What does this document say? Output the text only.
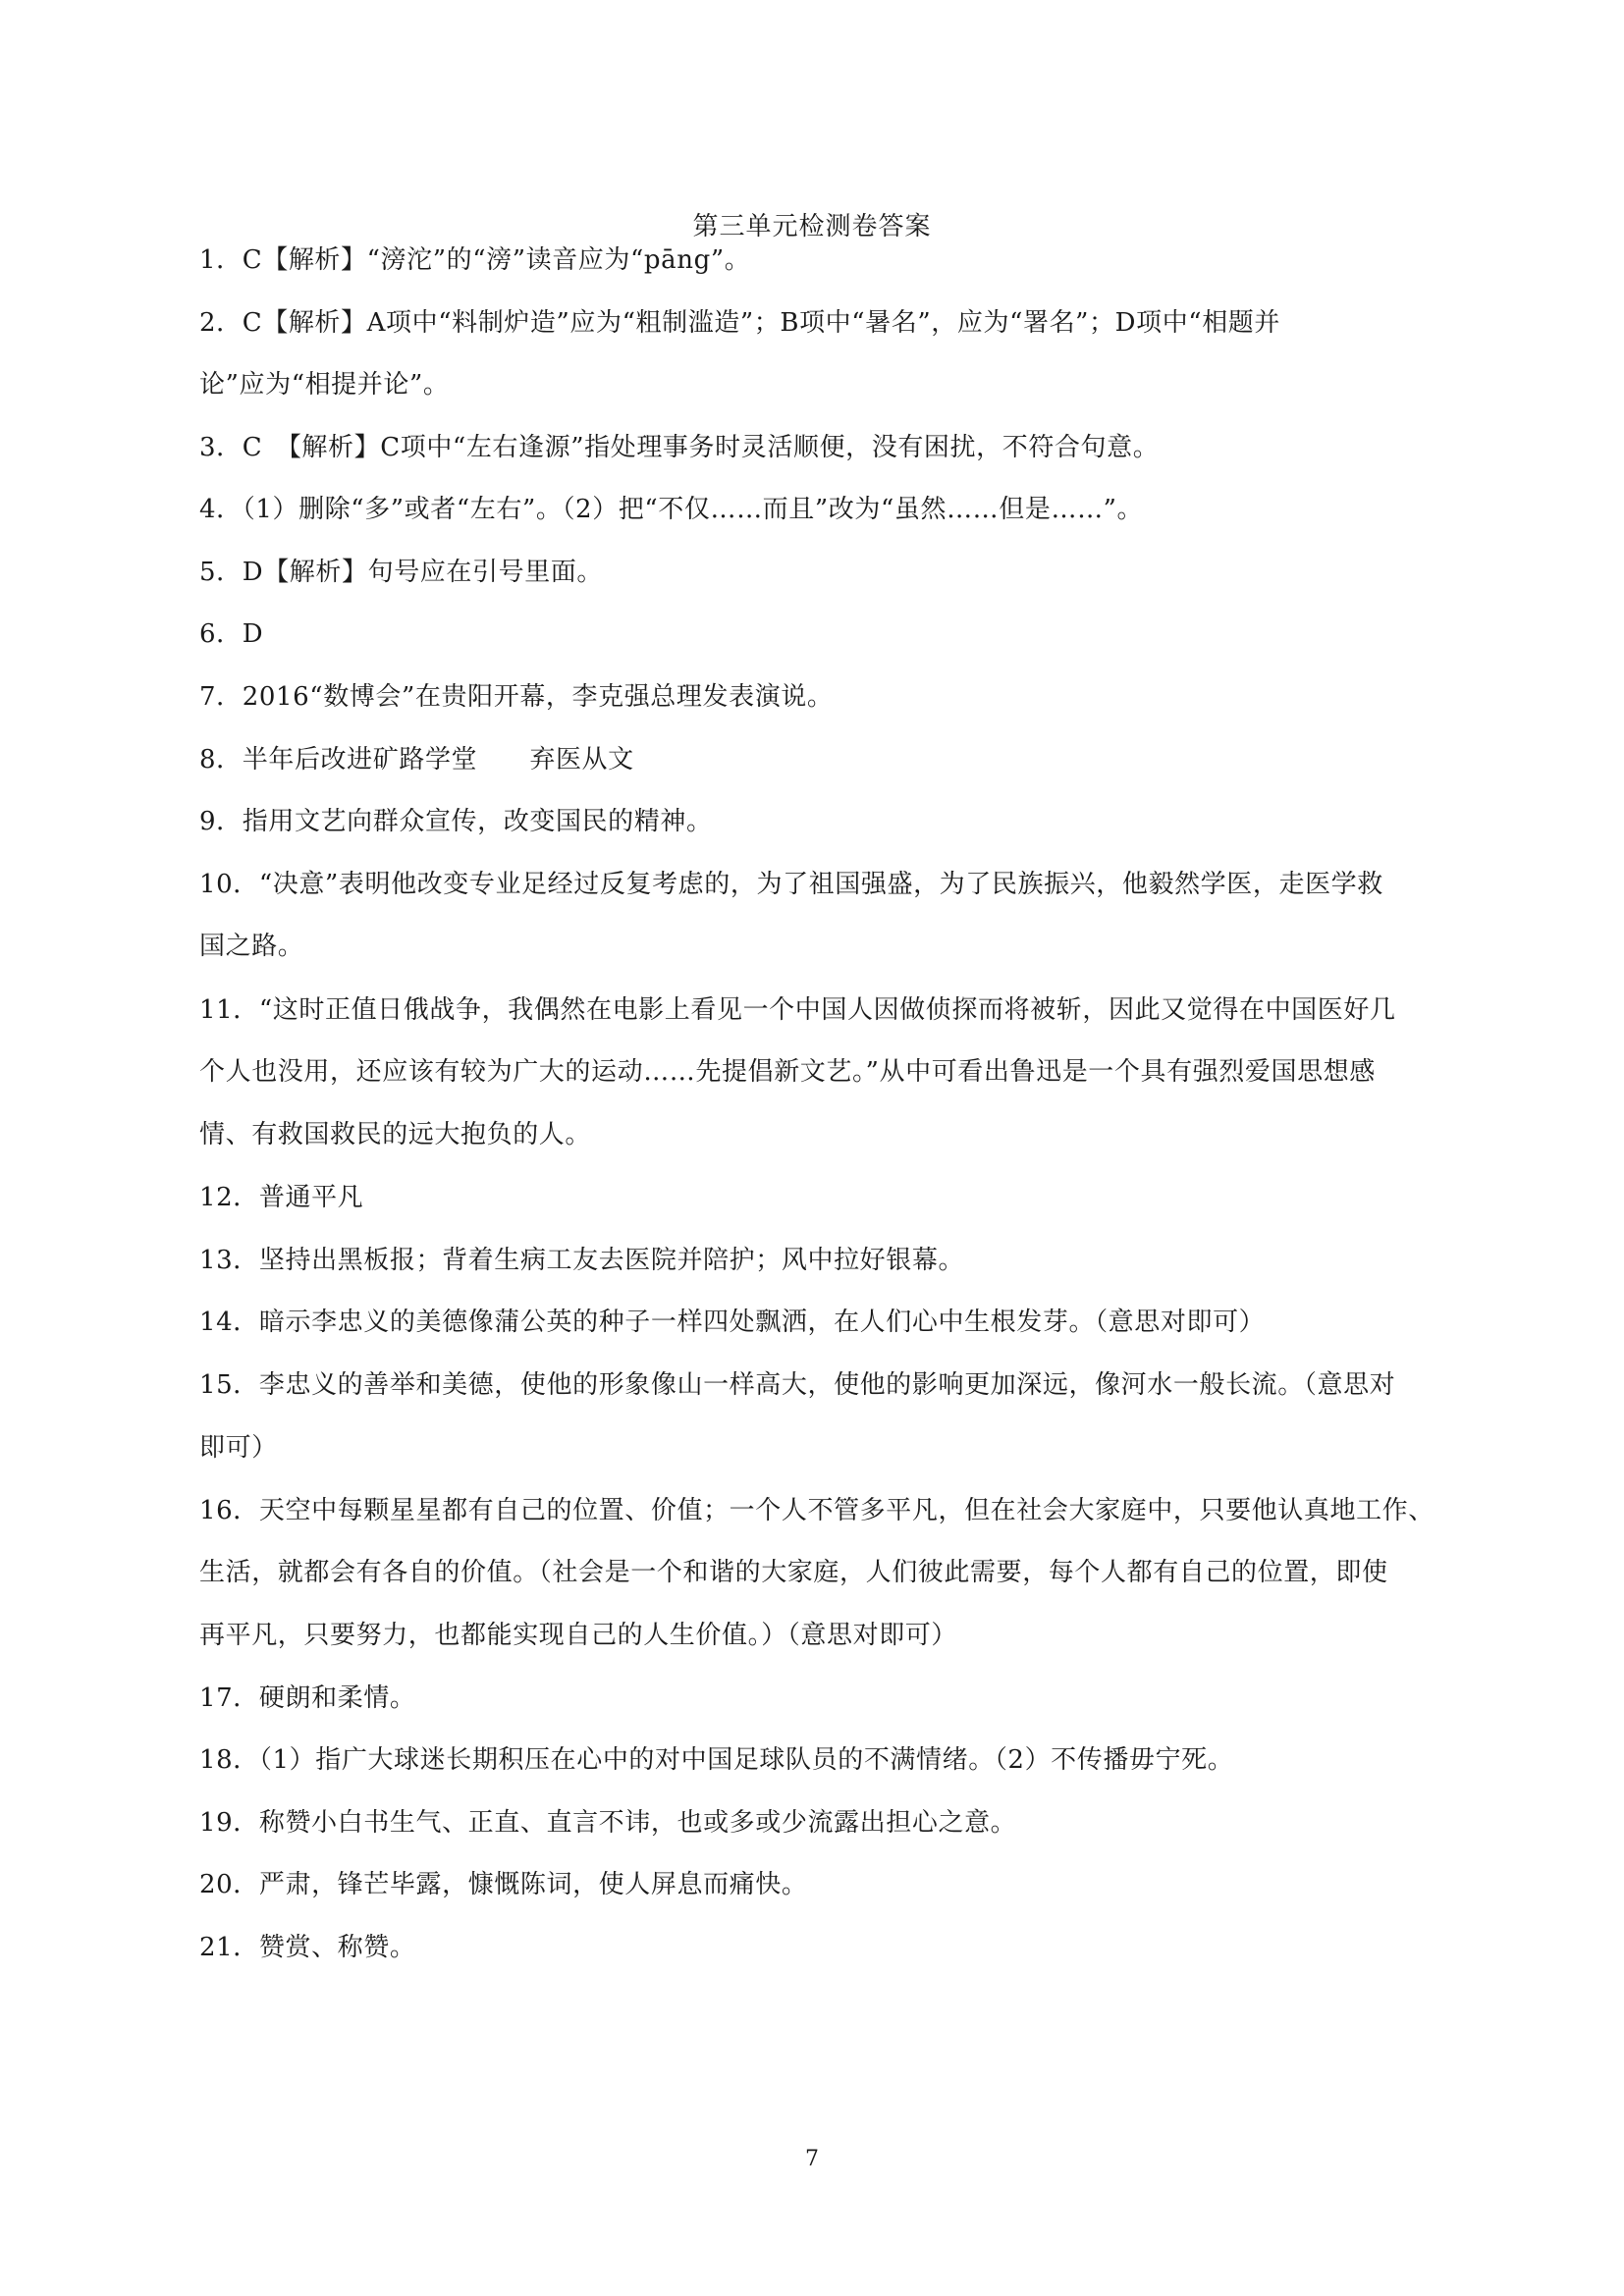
第三单元检测卷答案
1．C【解析】“滂沱”的“滂”读音应为“pāng”。
2．C【解析】A项中“料制炉造”应为“粗制滥造”；B项中“暑名”，应为“署名”；D项中“相题并
论”应为“相提并论”。
3．C　【解析】C项中“左右逢源”指处理事务时灵活顺便，没有困扰，不符合句意。
4．（1）删除“多”或者“左右”。（2）把“不仅……而且”改为“虽然……但是……”。
5．D【解析】句号应在引号里面。
6．D
7．2016“数博会”在贵阳开幕，李克强总理发表演说。
8．半年后改进矿路学堂　　弃医从文
9．指用文艺向群众宣传，改变国民的精神。
10．“决意”表明他改变专业足经过反复考虑的，为了祖国强盛，为了民族振兴，他毅然学医，走医学救
国之路。
11．“这时正值日俄战争，我偶然在电影上看见一个中国人因做侦探而将被斩，因此又觉得在中国医好几
个人也没用，还应该有较为广大的运动……先提倡新文艺。”从中可看出鲁迅是一个具有强烈爱国思想感
情、有救国救民的远大抱负的人。
12．普通平凡
13．坚持出黑板报；背着生病工友去医院并陪护；风中拉好银幕。
14．暗示李忠义的美德像蒲公英的种子一样四处飘洒，在人们心中生根发芽。（意思对即可）
15．李忠义的善举和美德，使他的形象像山一样高大，使他的影响更加深远，像河水一般长流。（意思对
即可）
16．天空中每颗星星都有自己的位置、价值；一个人不管多平凡，但在社会大家庭中，只要他认真地工作、
生活，就都会有各自的价值。（社会是一个和谐的大家庭，人们彼此需要，每个人都有自己的位置，即使
再平凡，只要努力，也都能实现自己的人生价值。）（意思对即可）
17．硬朗和柔情。
18．（1）指广大球迷长期积压在心中的对中国足球队员的不满情绪。（2）不传播毋宁死。
19．称赞小白书生气、正直、直言不讳，也或多或少流露出担心之意。
20．严肃，锋芒毕露，慷慨陈词，使人屏息而痛快。
21．赞赏、称赞。
7
